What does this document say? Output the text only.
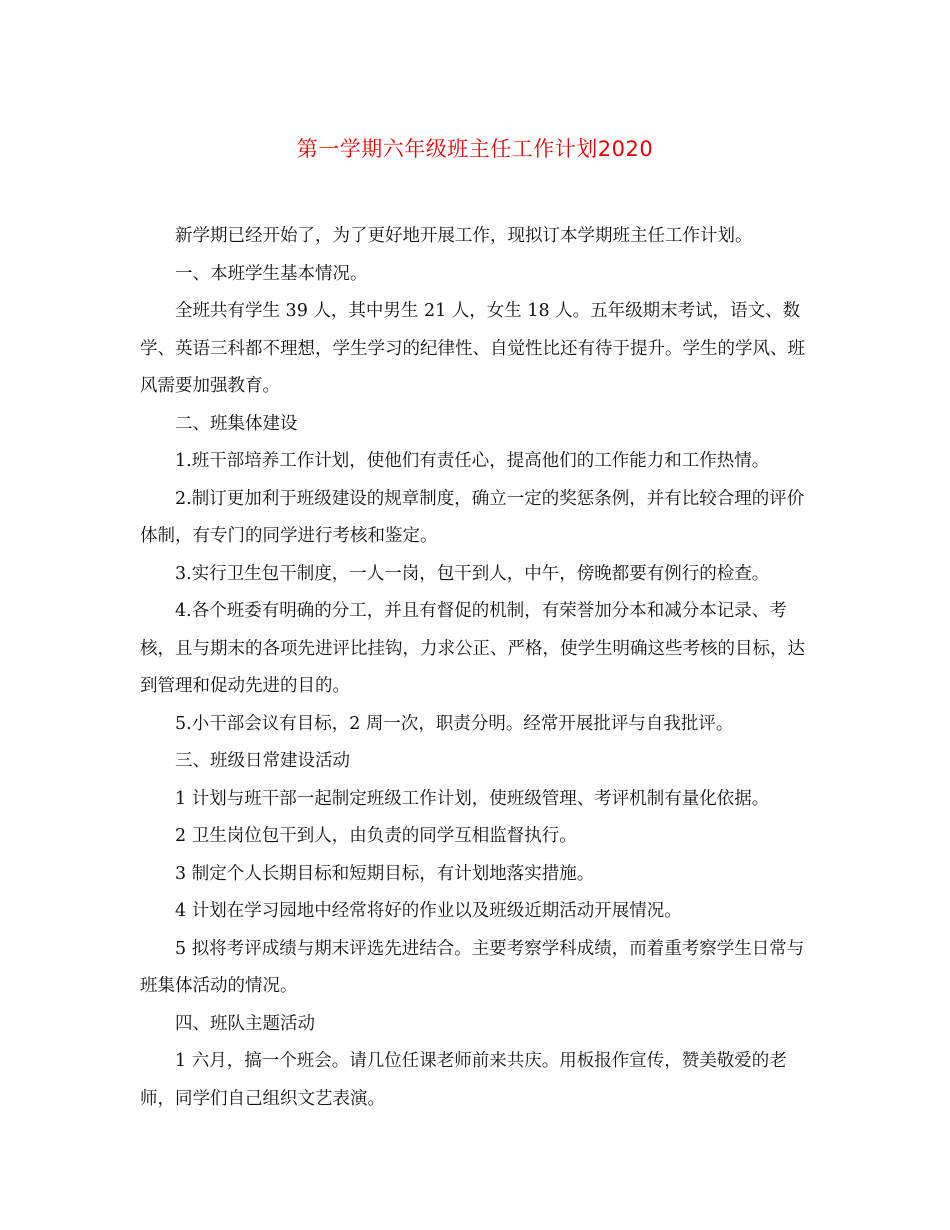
第一学期六年级班主任工作计划2020

新学期已经开始了，为了更好地开展工作，现拟订本学期班主任工作计划。

一、本班学生基本情况。

全班共有学生 39 人，其中男生 21 人，女生 18 人。五年级期末考试，语文、数学、英语三科都不理想，学生学习的纪律性、自觉性比还有待于提升。学生的学风、班风需要加强教育。

二、班集体建设

1.班干部培养工作计划，使他们有责任心，提高他们的工作能力和工作热情。

2.制订更加利于班级建设的规章制度，确立一定的奖惩条例，并有比较合理的评价体制，有专门的同学进行考核和鉴定。

3.实行卫生包干制度，一人一岗，包干到人，中午，傍晚都要有例行的检查。

4.各个班委有明确的分工，并且有督促的机制，有荣誉加分本和减分本记录、考核，且与期末的各项先进评比挂钩，力求公正、严格，使学生明确这些考核的目标，达到管理和促动先进的目的。

5.小干部会议有目标，2 周一次，职责分明。经常开展批评与自我批评。

三、班级日常建设活动

1 计划与班干部一起制定班级工作计划，使班级管理、考评机制有量化依据。

2 卫生岗位包干到人，由负责的同学互相监督执行。

3 制定个人长期目标和短期目标，有计划地落实措施。

4 计划在学习园地中经常将好的作业以及班级近期活动开展情况。

5 拟将考评成绩与期末评选先进结合。主要考察学科成绩，而着重考察学生日常与班集体活动的情况。

四、班队主题活动

1 六月，搞一个班会。请几位任课老师前来共庆。用板报作宣传，赞美敬爱的老师，同学们自己组织文艺表演。
